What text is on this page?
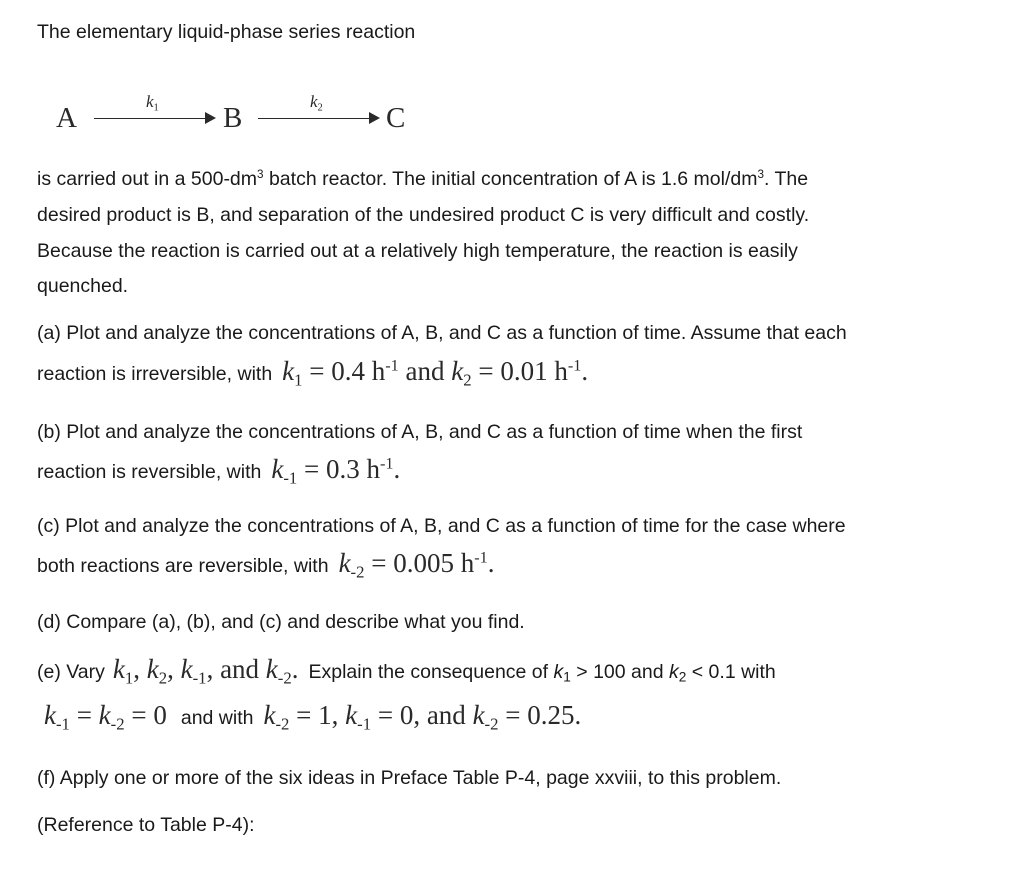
The elementary liquid-phase series reaction
A
$k_1$ B
$k_2$ C
is carried out in a $500-dm^3$ batch reactor. The initial concentration of A is 1.6 mol/$dm^3$. The
desired product is B, and separation of the undesired product C is very difficult and costly.
Because the reaction is carried out at a relatively high temperature, the reaction is easily
quenched.
(a) Plot and analyze the concentrations of A, B, and C as a function of time. Assume that each
reaction is irreversible, with $k_1 = 0.4$ $h^{-1}$ and $k_2 = 0.01$ $h^{-1}$.
(b) Plot and analyze the concentrations of A, B, and C as a function of time when the first
reaction is reversible, with $k_{-1} = 0.3$ $h^{-1}$.
(c) Plot and analyze the concentrations of A, B, and C as a function of time for the case where
both reactions are reversible, with $k_{-2} = 0.005$ $h^{-1}$.
(d) Compare (a), (b), and (c) and describe what you find.
(e) Vary $k_1$, $k_2$, $k_{-1}$, and $k_{-2}$. Explain the consequence of $k_1 > 100$ and $k_2 < 0.1$ with
$k_{-1} = k_{-2} = 0$ and with $k_{-2} = 1$, $k_{-1} = 0$, and $k_{-2} = 0.25$.
(f) Apply one or more of the six ideas in Preface Table P-4, page xxviii, to this problem.
(Reference to Table P-4):
